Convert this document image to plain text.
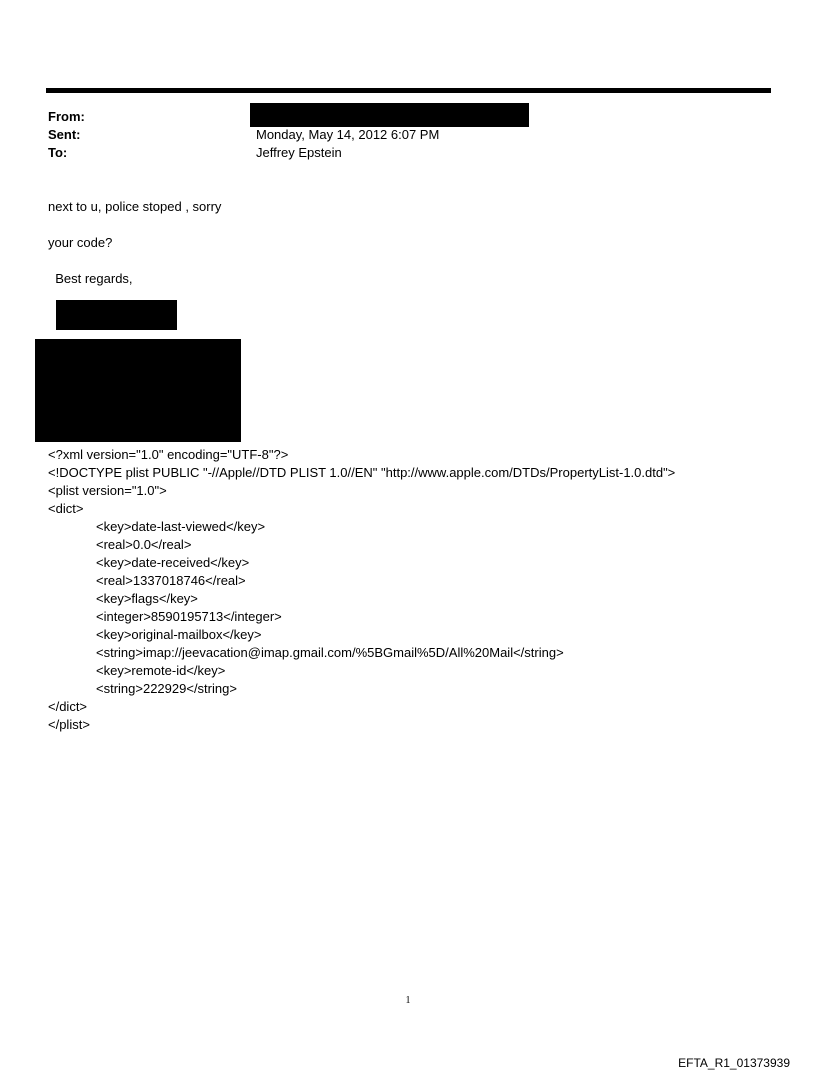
From:
Sent:	Monday, May 14, 2012 6:07 PM
To:	Jeffrey Epstein
next to u, police stoped , sorry
your code?
Best regards,
<?xml version="1.0" encoding="UTF-8"?>
<!DOCTYPE plist PUBLIC "-//Apple//DTD PLIST 1.0//EN" "http://www.apple.com/DTDs/PropertyList-1.0.dtd">
<plist version="1.0">
<dict>
<key>date-last-viewed</key>
<real>0.0</real>
<key>date-received</key>
<real>1337018746</real>
<key>flags</key>
<integer>8590195713</integer>
<key>original-mailbox</key>
<string>imap://jeevacation@imap.gmail.com/%5BGmail%5D/All%20Mail</string>
<key>remote-id</key>
<string>222929</string>
</dict>
</plist>
1
EFTA_R1_01373939
